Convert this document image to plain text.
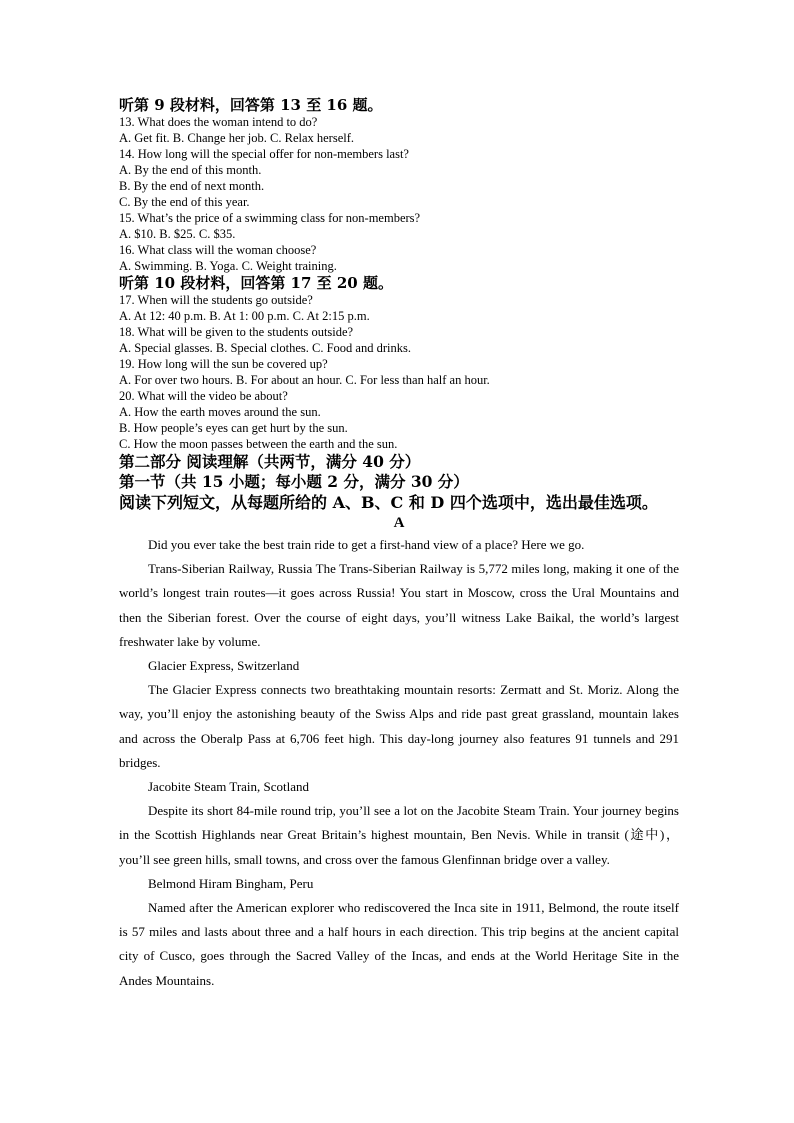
听第 9 段材料，回答第 13 至 16 题。
13. What does the woman intend to do?
A. Get fit. B. Change her job. C. Relax herself.
14. How long will the special offer for non-members last?
A. By the end of this month.
B. By the end of next month.
C. By the end of this year.
15. What’s the price of a swimming class for non-members?
A. $10. B. $25. C. $35.
16. What class will the woman choose?
A. Swimming. B. Yoga. C. Weight training.
听第 10 段材料，回答第 17 至 20 题。
17. When will the students go outside?
A. At 12: 40 p.m. B. At 1: 00 p.m. C. At 2:15 p.m.
18. What will be given to the students outside?
A. Special glasses. B. Special clothes. C. Food and drinks.
19. How long will the sun be covered up?
A. For over two hours. B. For about an hour. C. For less than half an hour.
20. What will the video be about?
A. How the earth moves around the sun.
B. How people’s eyes can get hurt by the sun.
C. How the moon passes between the earth and the sun.
第二部分 阅读理解（共两节，满分 40 分）
第一节（共 15 小题；每小题 2 分，满分 30 分）
阅读下列短文，从每题所给的 A、B、C 和 D 四个选项中，选出最佳选项。
A

Did you ever take the best train ride to get a first-hand view of a place? Here we go.

Trans-Siberian Railway, Russia The Trans-Siberian Railway is 5,772 miles long, making it one of the world’s longest train routes—it goes across Russia! You start in Moscow, cross the Ural Mountains and then the Siberian forest. Over the course of eight days, you’ll witness Lake Baikal, the world’s largest freshwater lake by volume.

Glacier Express, Switzerland

The Glacier Express connects two breathtaking mountain resorts: Zermatt and St. Moriz. Along the way, you’ll enjoy the astonishing beauty of the Swiss Alps and ride past great grassland, mountain lakes and across the Oberalp Pass at 6,706 feet high. This day-long journey also features 91 tunnels and 291 bridges.

Jacobite Steam Train, Scotland

Despite its short 84-mile round trip, you’ll see a lot on the Jacobite Steam Train. Your journey begins in the Scottish Highlands near Great Britain’s highest mountain, Ben Nevis. While in transit (途中)，you’ll see green hills, small towns, and cross over the famous Glenfinnan bridge over a valley.

Belmond Hiram Bingham, Peru

Named after the American explorer who rediscovered the Inca site in 1911, Belmond, the route itself is 57 miles and lasts about three and a half hours in each direction. This trip begins at the ancient capital city of Cusco, goes through the Sacred Valley of the Incas, and ends at the World Heritage Site in the Andes Mountains.
